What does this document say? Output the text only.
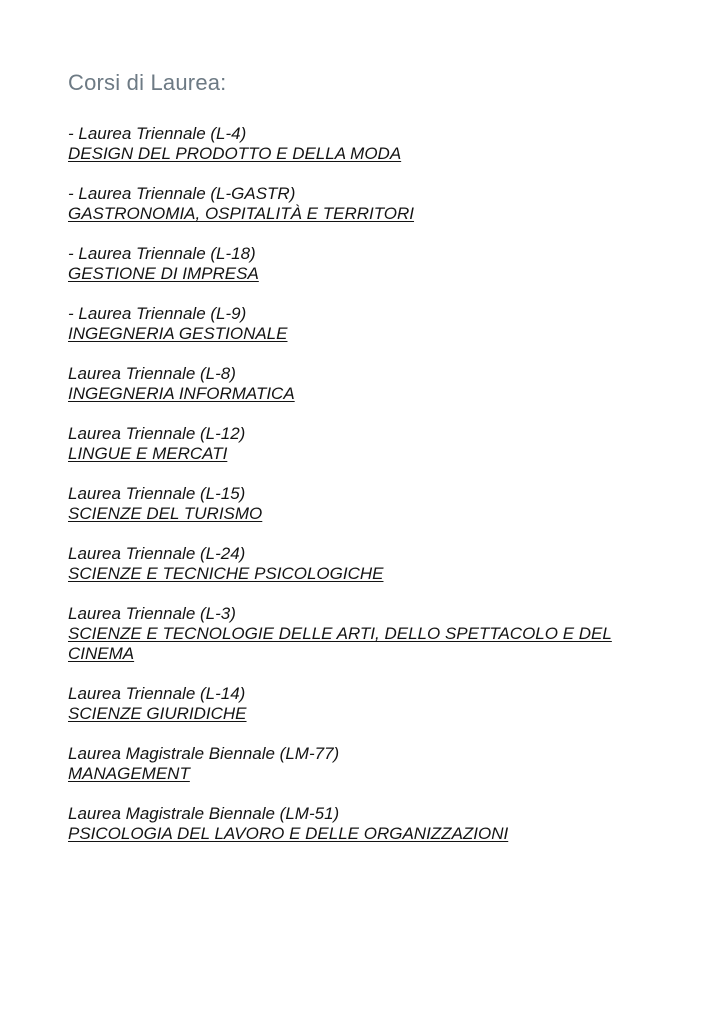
Corsi di Laurea:
- Laurea Triennale (L-4)
DESIGN DEL PRODOTTO E DELLA MODA
- Laurea Triennale (L-GASTR)
GASTRONOMIA, OSPITALITÀ E TERRITORI
- Laurea Triennale (L-18)
GESTIONE DI IMPRESA
- Laurea Triennale (L-9)
INGEGNERIA GESTIONALE
Laurea Triennale (L-8)
INGEGNERIA INFORMATICA
Laurea Triennale (L-12)
LINGUE E MERCATI
Laurea Triennale (L-15)
SCIENZE DEL TURISMO
Laurea Triennale (L-24)
SCIENZE E TECNICHE PSICOLOGICHE
Laurea Triennale (L-3)
SCIENZE E TECNOLOGIE DELLE ARTI, DELLO SPETTACOLO E DEL CINEMA
Laurea Triennale (L-14)
SCIENZE GIURIDICHE
Laurea Magistrale Biennale (LM-77)
MANAGEMENT
Laurea Magistrale Biennale (LM-51)
PSICOLOGIA DEL LAVORO E DELLE ORGANIZZAZIONI
